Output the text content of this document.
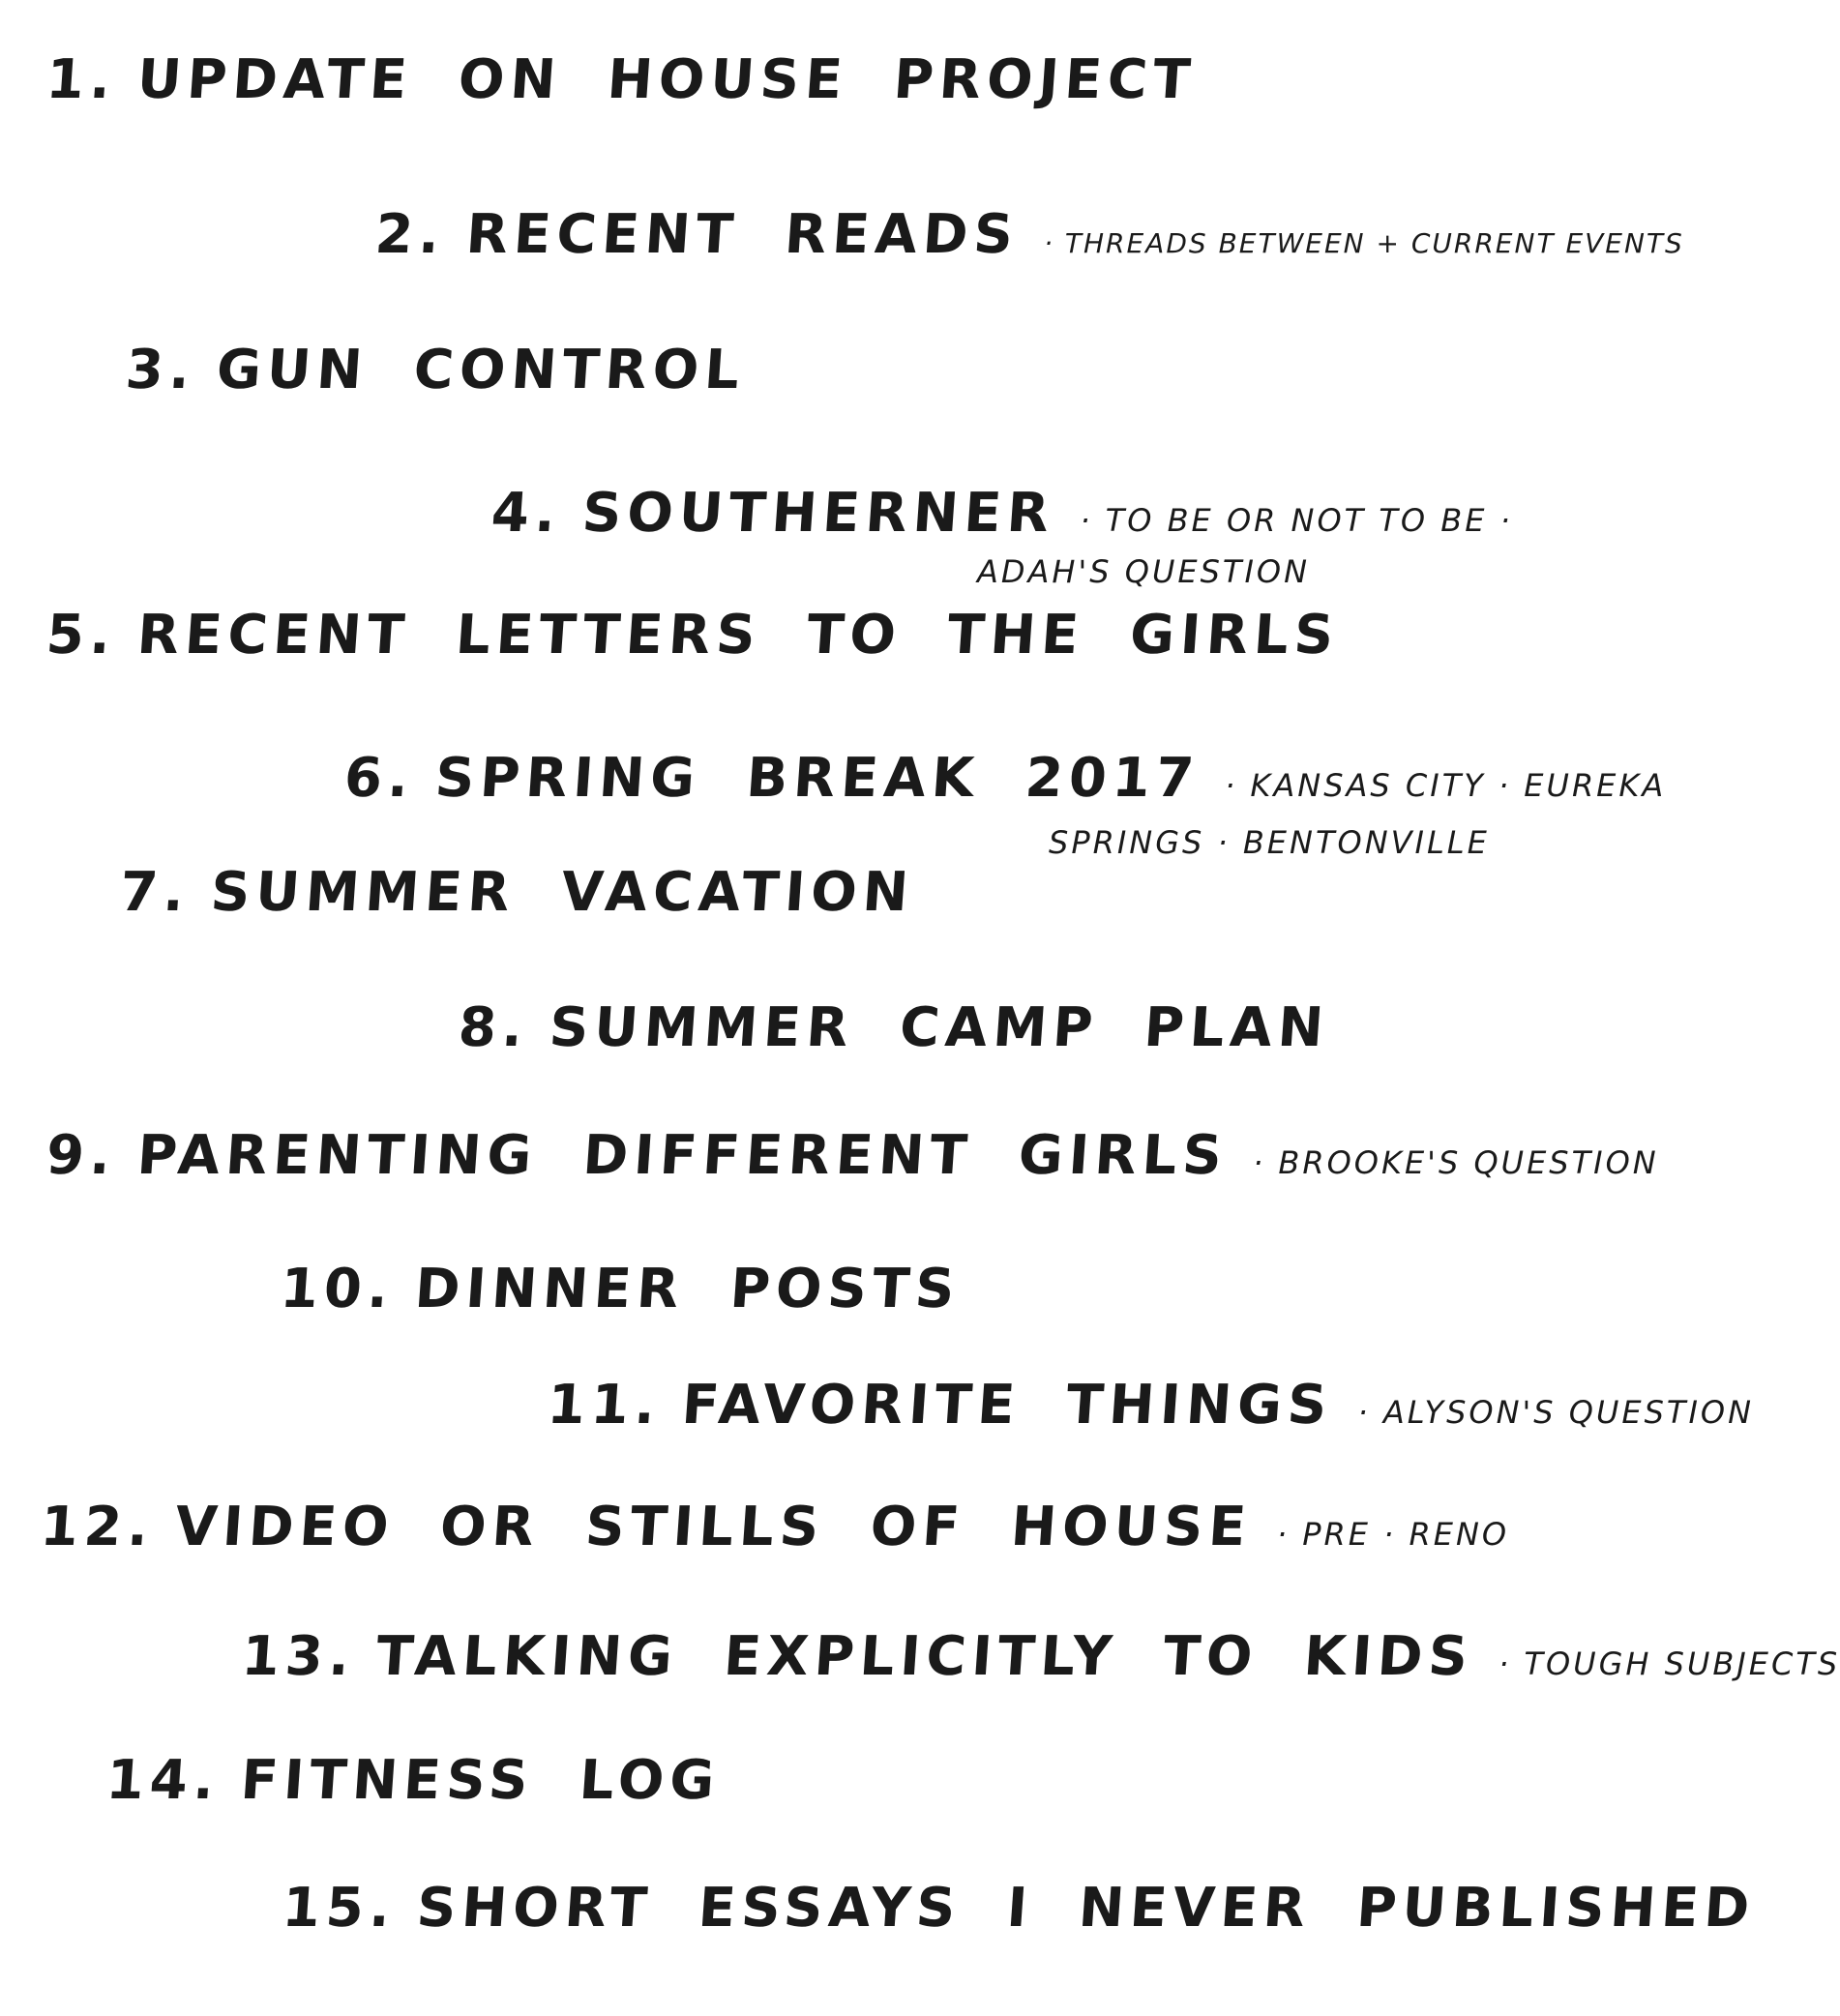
1. UPDATE ON HOUSE PROJECT
2. RECENT READS · THREADS BETWEEN + CURRENT EVENTS
3. GUN CONTROL
4. SOUTHERNER · TO BE OR NOT TO BE ·
ADAH'S QUESTION
5. RECENT LETTERS TO THE GIRLS
6. SPRING BREAK 2017 · KANSAS CITY · EUREKA
SPRINGS · BENTONVILLE
7. SUMMER VACATION
8. SUMMER CAMP PLAN
9. PARENTING DIFFERENT GIRLS · BROOKE'S QUESTION
10. DINNER POSTS
11. FAVORITE THINGS · ALYSON'S QUESTION
12. VIDEO OR STILLS OF HOUSE · PRE · RENO
13. TALKING EXPLICITLY TO KIDS · TOUGH SUBJECTS
14. FITNESS LOG
15. SHORT ESSAYS I NEVER PUBLISHED
